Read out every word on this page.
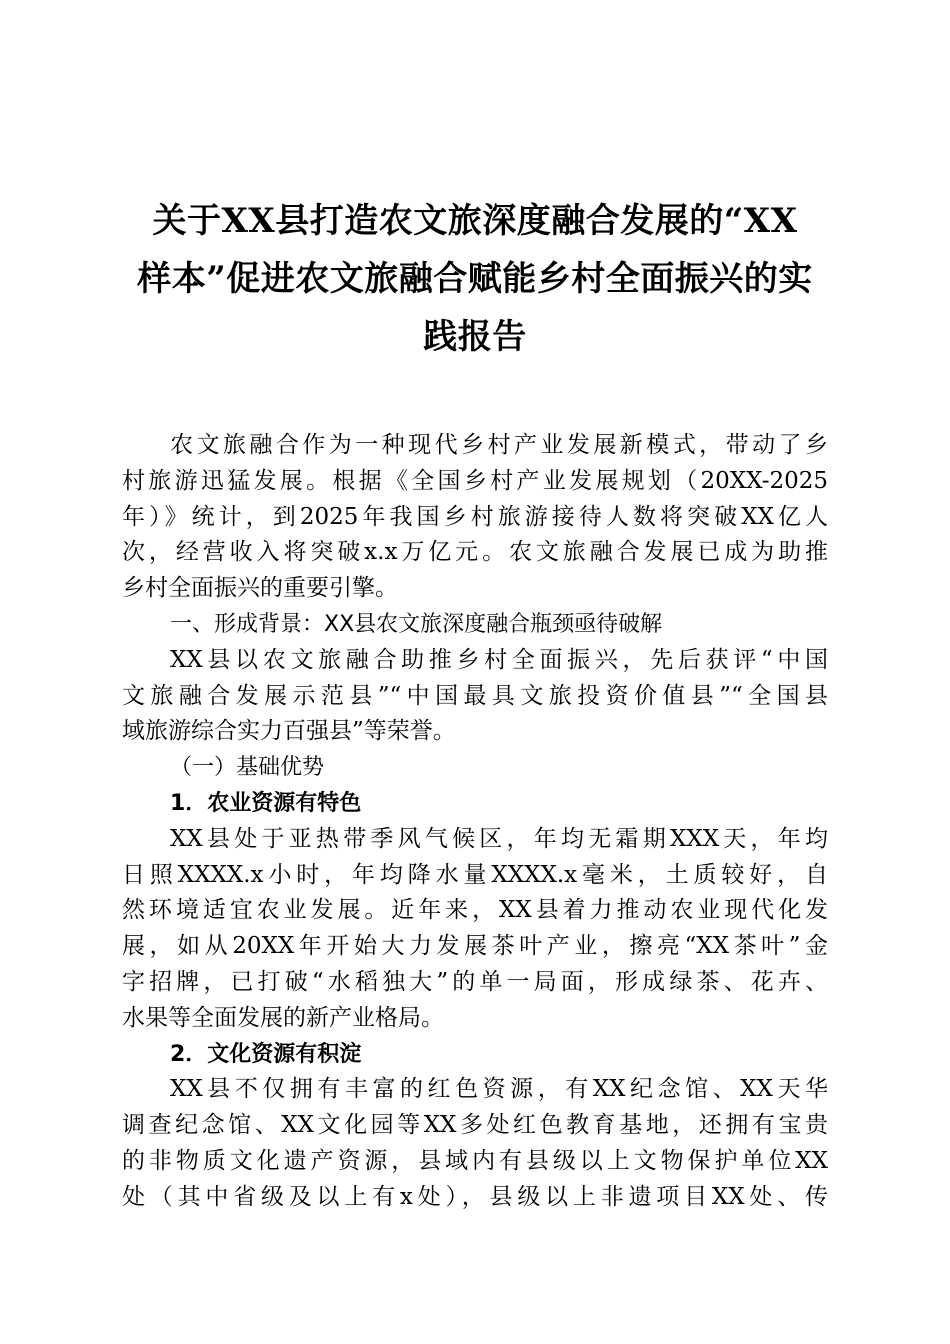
关于XX县打造农文旅深度融合发展的“XX
样本”促进农文旅融合赋能乡村全面振兴的实
践报告
农文旅融合作为一种现代乡村产业发展新模式，带动了乡
村旅游迅猛发展。根据《全国乡村产业发展规划（20XX-2025
年）》统计，到2025年我国乡村旅游接待人数将突破XX亿人
次，经营收入将突破x.x万亿元。农文旅融合发展已成为助推
乡村全面振兴的重要引擎。
一、形成背景：XX县农文旅深度融合瓶颈亟待破解
XX县以农文旅融合助推乡村全面振兴，先后获评“中国
文旅融合发展示范县”“中国最具文旅投资价值县”“全国县
域旅游综合实力百强县”等荣誉。
（一）基础优势
1．农业资源有特色
XX县处于亚热带季风气候区，年均无霜期XXX天，年均
日照XXXX.x小时，年均降水量XXXX.x毫米，土质较好，自
然环境适宜农业发展。近年来，XX县着力推动农业现代化发
展，如从20XX年开始大力发展茶叶产业，擦亮“XX茶叶”金
字招牌，已打破“水稻独大”的单一局面，形成绿茶、花卉、
水果等全面发展的新产业格局。
2．文化资源有积淀
XX县不仅拥有丰富的红色资源，有XX纪念馆、XX天华
调查纪念馆、XX文化园等XX多处红色教育基地，还拥有宝贵
的非物质文化遗产资源，县域内有县级以上文物保护单位XX
处（其中省级及以上有x处），县级以上非遗项目XX处、传
